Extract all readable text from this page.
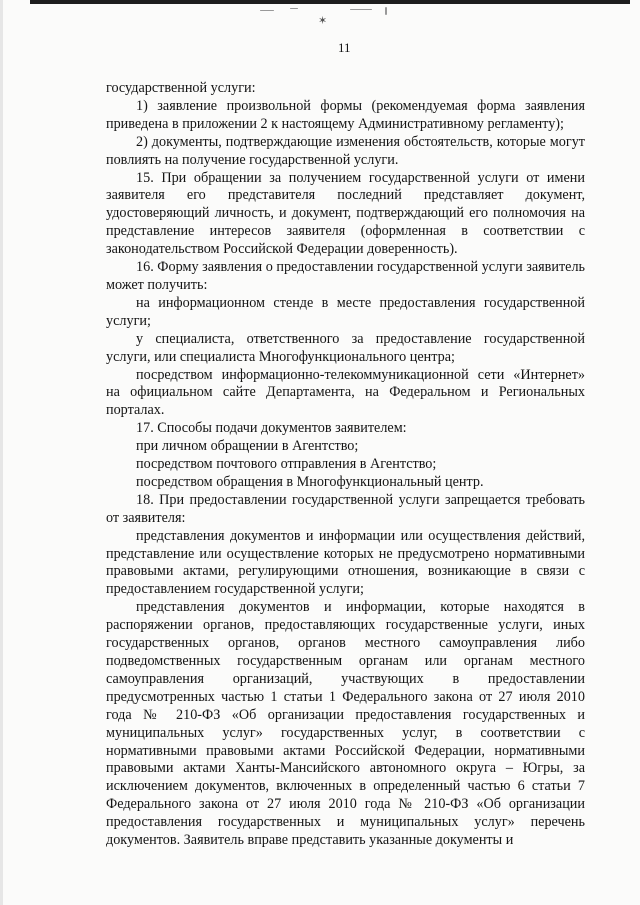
✶
11

государственной услуги:

1) заявление произвольной формы (рекомендуемая форма заявления приведена в приложении 2 к настоящему Административному регламенту);

2) документы, подтверждающие изменения обстоятельств, которые могут повлиять на получение государственной услуги.

15. При обращении за получением государственной услуги от имени заявителя его представителя последний представляет документ, удостоверяющий личность, и документ, подтверждающий его полномочия на представление интересов заявителя (оформленная в соответствии с законодательством Российской Федерации доверенность).

16. Форму заявления о предоставлении государственной услуги заявитель может получить:

на информационном стенде в месте предоставления государственной услуги;

у специалиста, ответственного за предоставление государственной услуги, или специалиста Многофункционального центра;

посредством информационно-телекоммуникационной сети «Интернет» на официальном сайте Департамента, на Федеральном и Региональных порталах.

17. Способы подачи документов заявителем:

при личном обращении в Агентство;

посредством почтового отправления в Агентство;

посредством обращения в Многофункциональный центр.

18. При предоставлении государственной услуги запрещается требовать от заявителя:

представления документов и информации или осуществления действий, представление или осуществление которых не предусмотрено нормативными правовыми актами, регулирующими отношения, возникающие в связи с предоставлением государственной услуги;

представления документов и информации, которые находятся в распоряжении органов, предоставляющих государственные услуги, иных государственных органов, органов местного самоуправления либо подведомственных государственным органам или органам местного самоуправления организаций, участвующих в предоставлении предусмотренных частью 1 статьи 1 Федерального закона от 27 июля 2010 года № 210-ФЗ «Об организации предоставления государственных и муниципальных услуг» государственных услуг, в соответствии с нормативными правовыми актами Российской Федерации, нормативными правовыми актами Ханты-Мансийского автономного округа – Югры, за исключением документов, включенных в определенный частью 6 статьи 7 Федерального закона от 27 июля 2010 года № 210-ФЗ «Об организации предоставления государственных и муниципальных услуг» перечень документов. Заявитель вправе представить указанные документы и
